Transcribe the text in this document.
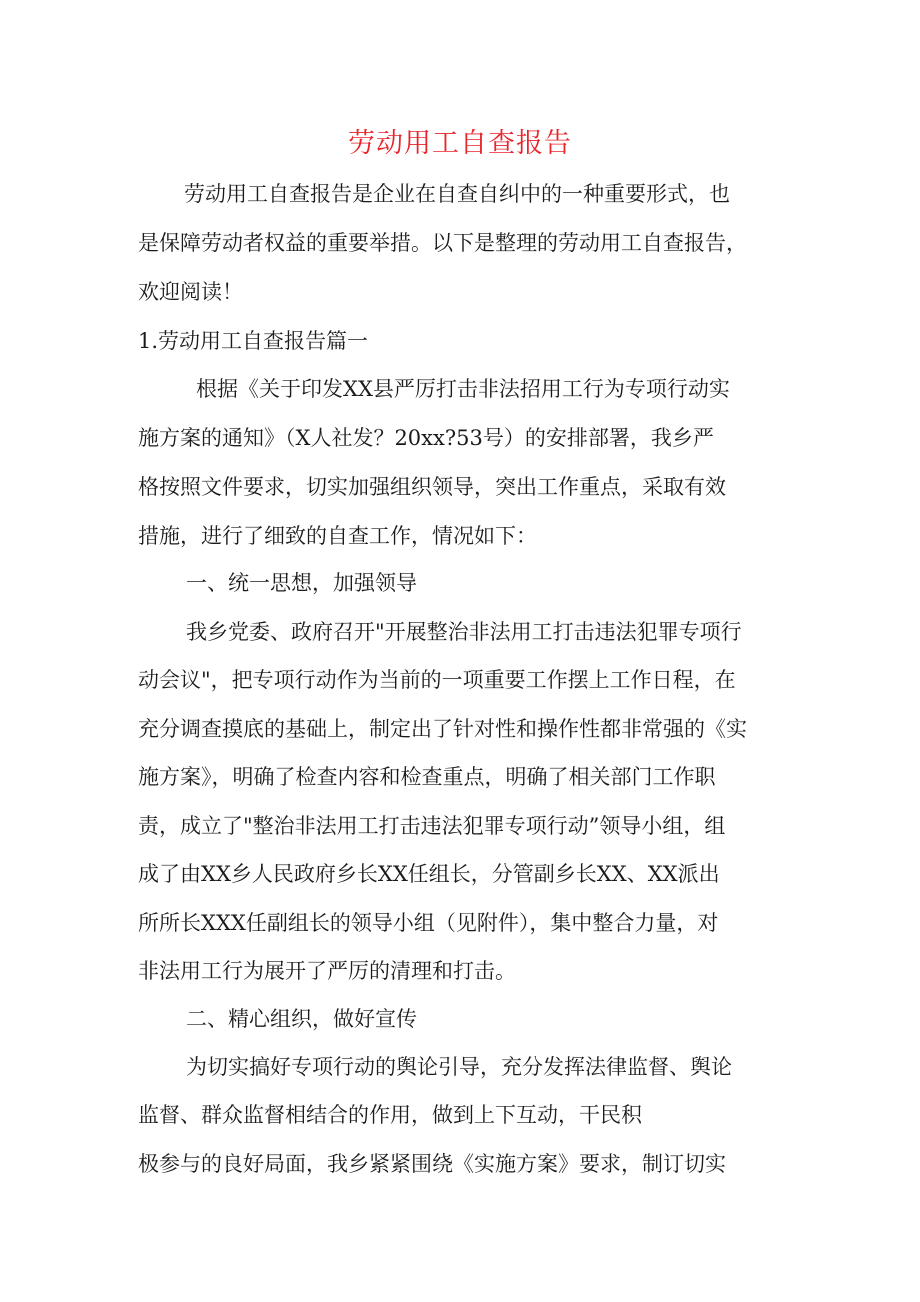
劳动用工自查报告
劳动用工自查报告是企业在自查自纠中的一种重要形式，也
是保障劳动者权益的重要举措。以下是整理的劳动用工自查报告，
欢迎阅读！
1.劳动用工自查报告篇一
根据《关于印发XX县严厉打击非法招用工行为专项行动实
施方案的通知》（X人社发？20xx?53号）的安排部署，我乡严
格按照文件要求，切实加强组织领导，突出工作重点，采取有效
措施，进行了细致的自查工作，情况如下：
一、统一思想，加强领导
我乡党委、政府召开"开展整治非法用工打击违法犯罪专项行
动会议"，把专项行动作为当前的一项重要工作摆上工作日程，在
充分调查摸底的基础上，制定出了针对性和操作性都非常强的《实
施方案》，明确了检查内容和检查重点，明确了相关部门工作职
责，成立了"整治非法用工打击违法犯罪专项行动”领导小组，组
成了由XX乡人民政府乡长XX任组长，分管副乡长XX、XX派出
所所长XXX任副组长的领导小组（见附件），集中整合力量，对
非法用工行为展开了严厉的清理和打击。
二、精心组织，做好宣传
为切实搞好专项行动的舆论引导，充分发挥法律监督、舆论
监督、群众监督相结合的作用，做到上下互动，干民积
极参与的良好局面，我乡紧紧围绕《实施方案》要求，制订切实
